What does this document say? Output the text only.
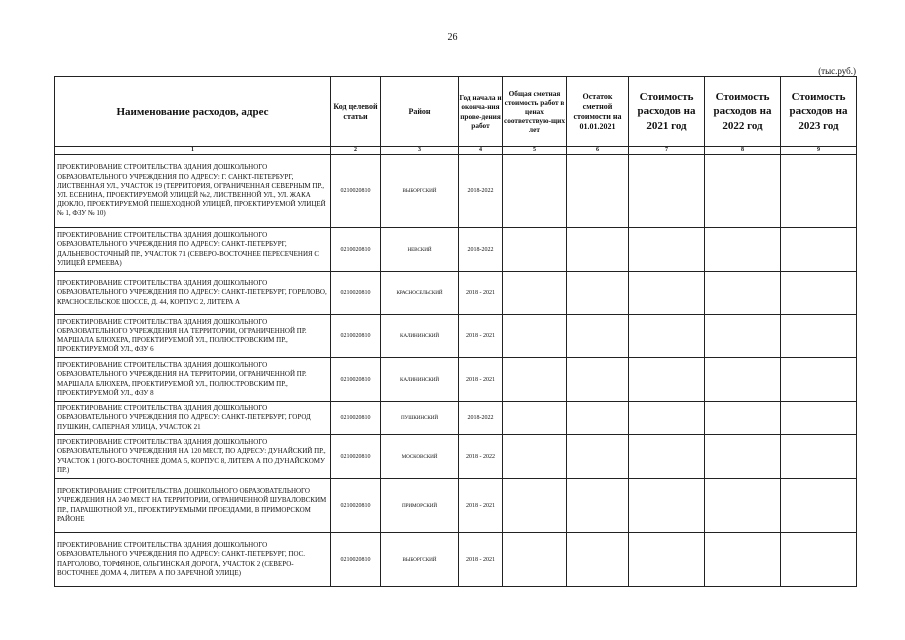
26
(тыс.руб.)
Наименование расходов, адрес	Код целевой статьи	Район	Год начала и оконча-ния прове-дения работ	Общая сметная стоимость работ в ценах соответствую-щих лет	Остаток сметной стоимости на 01.01.2021	Стоимость расходов на 2021 год	Стоимость расходов на 2022 год	Стоимость расходов на 2023 год
1	2	3	4	5	6	7	8	9
ПРОЕКТИРОВАНИЕ СТРОИТЕЛЬСТВА ЗДАНИЯ ДОШКОЛЬНОГО ОБРАЗОВАТЕЛЬНОГО УЧРЕЖДЕНИЯ ПО АДРЕСУ: Г. САНКТ-ПЕТЕРБУРГ, ЛИСТВЕННАЯ УЛ., УЧАСТОК 19 (ТЕРРИТОРИЯ, ОГРАНИЧЕННАЯ СЕВЕРНЫМ ПР., УЛ. ЕСЕНИНА, ПРОЕКТИРУЕМОЙ УЛИЦЕЙ №2, ЛИСТВЕННОЙ УЛ., УЛ. ЖАКА ДЮКЛО, ПРОЕКТИРУЕМОЙ ПЕШЕХОДНОЙ УЛИЦЕЙ, ПРОЕКТИРУЕМОЙ УЛИЦЕЙ № 1, ФЗУ № 10)	0210020810	ВЫБОРГСКИЙ	2018-2022					
ПРОЕКТИРОВАНИЕ СТРОИТЕЛЬСТВА ЗДАНИЯ ДОШКОЛЬНОГО ОБРАЗОВАТЕЛЬНОГО УЧРЕЖДЕНИЯ ПО АДРЕСУ: САНКТ-ПЕТЕРБУРГ, ДАЛЬНЕВОСТОЧНЫЙ ПР., УЧАСТОК 71 (СЕВЕРО-ВОСТОЧНЕЕ ПЕРЕСЕЧЕНИЯ С УЛИЦЕЙ ЕРМЕЕВА)	0210020810	НЕВСКИЙ	2018-2022					
ПРОЕКТИРОВАНИЕ СТРОИТЕЛЬСТВА ЗДАНИЯ ДОШКОЛЬНОГО ОБРАЗОВАТЕЛЬНОГО УЧРЕЖДЕНИЯ ПО АДРЕСУ: САНКТ-ПЕТЕРБУРГ, ГОРЕЛОВО, КРАСНОСЕЛЬСКОЕ ШОССЕ, Д. 44, КОРПУС 2, ЛИТЕРА А	0210020810	КРАСНОСЕЛЬСКИЙ	2018 - 2021					
ПРОЕКТИРОВАНИЕ СТРОИТЕЛЬСТВА ЗДАНИЯ ДОШКОЛЬНОГО ОБРАЗОВАТЕЛЬНОГО УЧРЕЖДЕНИЯ НА ТЕРРИТОРИИ, ОГРАНИЧЕННОЙ ПР. МАРШАЛА БЛЮХЕРА, ПРОЕКТИРУЕМОЙ УЛ., ПОЛЮСТРОВСКИМ ПР., ПРОЕКТИРУЕМОЙ УЛ., ФЗУ 6	0210020810	КАЛИНИНСКИЙ	2018 - 2021					
ПРОЕКТИРОВАНИЕ СТРОИТЕЛЬСТВА ЗДАНИЯ ДОШКОЛЬНОГО ОБРАЗОВАТЕЛЬНОГО УЧРЕЖДЕНИЯ НА ТЕРРИТОРИИ, ОГРАНИЧЕННОЙ ПР. МАРШАЛА БЛЮХЕРА, ПРОЕКТИРУЕМОЙ УЛ., ПОЛЮСТРОВСКИМ ПР., ПРОЕКТИРУЕМОЙ УЛ., ФЗУ 8	0210020810	КАЛИНИНСКИЙ	2018 - 2021					
ПРОЕКТИРОВАНИЕ СТРОИТЕЛЬСТВА ЗДАНИЯ ДОШКОЛЬНОГО ОБРАЗОВАТЕЛЬНОГО УЧРЕЖДЕНИЯ ПО АДРЕСУ: САНКТ-ПЕТЕРБУРГ, ГОРОД ПУШКИН, САПЕРНАЯ УЛИЦА, УЧАСТОК 21	0210020810	ПУШКИНСКИЙ	2018-2022					
ПРОЕКТИРОВАНИЕ СТРОИТЕЛЬСТВА ЗДАНИЯ ДОШКОЛЬНОГО ОБРАЗОВАТЕЛЬНОГО УЧРЕЖДЕНИЯ НА 120 МЕСТ, ПО АДРЕСУ: ДУНАЙСКИЙ ПР., УЧАСТОК 1 (ЮГО-ВОСТОЧНЕЕ ДОМА 5, КОРПУС 8, ЛИТЕРА А ПО ДУНАЙСКОМУ ПР.)	0210020810	МОСКОВСКИЙ	2018 - 2022					
ПРОЕКТИРОВАНИЕ СТРОИТЕЛЬСТВА ДОШКОЛЬНОГО ОБРАЗОВАТЕЛЬНОГО УЧРЕЖДЕНИЯ НА 240 МЕСТ НА ТЕРРИТОРИИ, ОГРАНИЧЕННОЙ ШУВАЛОВСКИМ ПР., ПАРАШЮТНОЙ УЛ., ПРОЕКТИРУЕМЫМИ ПРОЕЗДАМИ, В ПРИМОРСКОМ РАЙОНЕ	0210020810	ПРИМОРСКИЙ	2018 - 2021					
ПРОЕКТИРОВАНИЕ СТРОИТЕЛЬСТВА ЗДАНИЯ ДОШКОЛЬНОГО ОБРАЗОВАТЕЛЬНОГО УЧРЕЖДЕНИЯ ПО АДРЕСУ: САНКТ-ПЕТЕРБУРГ, ПОС. ПАРГОЛОВО, ТОРФЯНОЕ, ОЛЬГИНСКАЯ ДОРОГА, УЧАСТОК 2 (СЕВЕРО-ВОСТОЧНЕЕ ДОМА 4, ЛИТЕРА А ПО ЗАРЕЧНОЙ УЛИЦЕ)	0210020810	ВЫБОРГСКИЙ	2018 - 2021					
